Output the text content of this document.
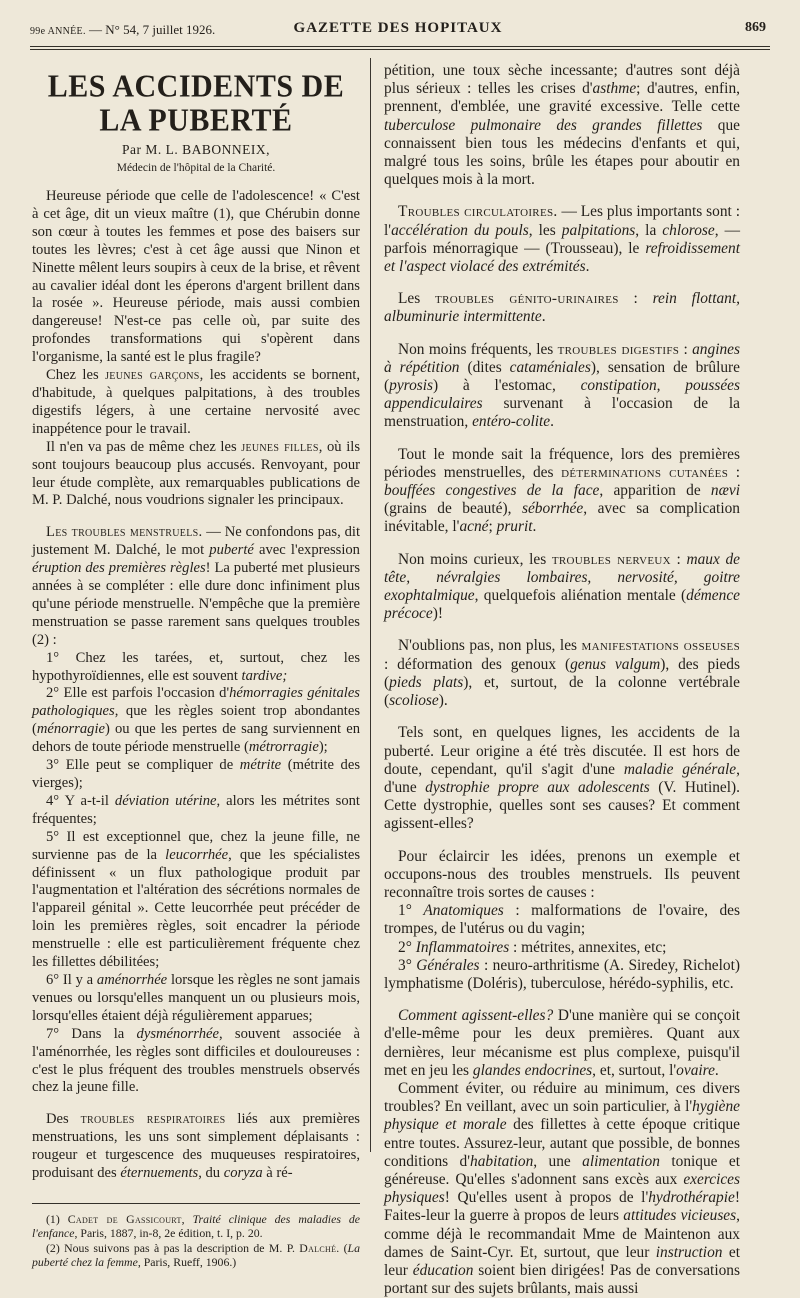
99e ANNÉE. — N° 54, 7 juillet 1926.	GAZETTE DES HOPITAUX	869
LES ACCIDENTS DE LA PUBERTÉ
Par M. L. BABONNEIX,
Médecin de l'hôpital de la Charité.

Heureuse période que celle de l'adolescence! « C'est à cet âge, dit un vieux maître (1), que Chérubin donne son cœur à toutes les femmes et pose des baisers sur toutes les lèvres; c'est à cet âge aussi que Ninon et Ninette mêlent leurs soupirs à ceux de la brise, et rêvent au cavalier idéal dont les éperons d'argent brillent dans la rosée ». Heureuse période, mais aussi combien dangereuse! N'est-ce pas celle où, par suite des profondes transformations qui s'opèrent dans l'organisme, la santé est le plus fragile?

Chez les jeunes garçons, les accidents se bornent, d'habitude, à quelques palpitations, à des troubles digestifs légers, à une certaine nervosité avec inappétence pour le travail.

Il n'en va pas de même chez les jeunes filles, où ils sont toujours beaucoup plus accusés. Renvoyant, pour leur étude complète, aux remarquables publications de M. P. Dalché, nous voudrions signaler les principaux.

Les troubles menstruels. — Ne confondons pas, dit justement M. Dalché, le mot puberté avec l'expression éruption des premières règles! La puberté met plusieurs années à se compléter : elle dure donc infiniment plus qu'une période menstruelle. N'empêche que la première menstruation se passe rarement sans quelques troubles (2) :

1° Chez les tarées, et, surtout, chez les hypothyroïdiennes, elle est souvent tardive;

2° Elle est parfois l'occasion d'hémorragies génitales pathologiques, que les règles soient trop abondantes (ménorragie) ou que les pertes de sang surviennent en dehors de toute période menstruelle (métrorragie);

3° Elle peut se compliquer de métrite (métrite des vierges);

4° Y a-t-il déviation utérine, alors les métrites sont fréquentes;

5° Il est exceptionnel que, chez la jeune fille, ne survienne pas de la leucorrhée, que les spécialistes définissent « un flux pathologique produit par l'augmentation et l'altération des sécrétions normales de l'appareil génital ». Cette leucorrhée peut précéder de loin les premières règles, soit encadrer la période menstruelle : elle est particulièrement fréquente chez les fillettes débilitées;

6° Il y a aménorrhée lorsque les règles ne sont jamais venues ou lorsqu'elles manquent un ou plusieurs mois, lorsqu'elles étaient déjà régulièrement apparues;

7° Dans la dysménorrhée, souvent associée à l'aménorrhée, les règles sont difficiles et douloureuses : c'est le plus fréquent des troubles menstruels observés chez la jeune fille.

Des troubles respiratoires liés aux premières menstruations, les uns sont simplement déplaisants : rougeur et turgescence des muqueuses respiratoires, produisant des éternuements, du coryza à ré-

(1) Cadet de Gassicourt, Traité clinique des maladies de l'enfance, Paris, 1887, in-8, 2e édition, t. I, p. 20.

(2) Nous suivons pas à pas la description de M. P. Dalché. (La puberté chez la femme, Paris, Rueff, 1906.)

pétition, une toux sèche incessante; d'autres sont déjà plus sérieux : telles les crises d'asthme; d'autres, enfin, prennent, d'emblée, une gravité excessive. Telle cette tuberculose pulmonaire des grandes fillettes que connaissent bien tous les médecins d'enfants et qui, malgré tous les soins, brûle les étapes pour aboutir en quelques mois à la mort.

Troubles circulatoires. — Les plus importants sont : l'accélération du pouls, les palpitations, la chlorose, — parfois ménorragique — (Trousseau), le refroidissement et l'aspect violacé des extrémités.

Les troubles génito-urinaires : rein flottant, albuminurie intermittente.

Non moins fréquents, les troubles digestifs : angines à répétition (dites cataméniales), sensation de brûlure (pyrosis) à l'estomac, constipation, poussées appendiculaires survenant à l'occasion de la menstruation, entéro-colite.

Tout le monde sait la fréquence, lors des premières périodes menstruelles, des déterminations cutanées : bouffées congestives de la face, apparition de nævi (grains de beauté), séborrhée, avec sa complication inévitable, l'acné; prurit.

Non moins curieux, les troubles nerveux : maux de tête, névralgies lombaires, nervosité, goitre exophtalmique, quelquefois aliénation mentale (démence précoce)!

N'oublions pas, non plus, les manifestations osseuses : déformation des genoux (genus valgum), des pieds (pieds plats), et, surtout, de la colonne vertébrale (scoliose).

Tels sont, en quelques lignes, les accidents de la puberté. Leur origine a été très discutée. Il est hors de doute, cependant, qu'il s'agit d'une maladie générale, d'une dystrophie propre aux adolescents (V. Hutinel). Cette dystrophie, quelles sont ses causes? Et comment agissent-elles?

Pour éclaircir les idées, prenons un exemple et occupons-nous des troubles menstruels. Ils peuvent reconnaître trois sortes de causes :

1° Anatomiques : malformations de l'ovaire, des trompes, de l'utérus ou du vagin;

2° Inflammatoires : métrites, annexites, etc;

3° Générales : neuro-arthritisme (A. Siredey, Richelot) lymphatisme (Doléris), tuberculose, hérédo-syphilis, etc.

Comment agissent-elles? D'une manière qui se conçoit d'elle-même pour les deux premières. Quant aux dernières, leur mécanisme est plus complexe, puisqu'il met en jeu les glandes endocrines, et, surtout, l'ovaire.

Comment éviter, ou réduire au minimum, ces divers troubles? En veillant, avec un soin particulier, à l'hygiène physique et morale des fillettes à cette époque critique entre toutes. Assurez-leur, autant que possible, de bonnes conditions d'habitation, une alimentation tonique et généreuse. Qu'elles s'adonnent sans excès aux exercices physiques! Qu'elles usent à propos de l'hydrothérapie! Faites-leur la guerre à propos de leurs attitudes vicieuses, comme déjà le recommandait Mme de Maintenon aux dames de Saint-Cyr. Et, surtout, que leur instruction et leur éducation soient bien dirigées! Pas de conversations portant sur des sujets brûlants, mais aussi
